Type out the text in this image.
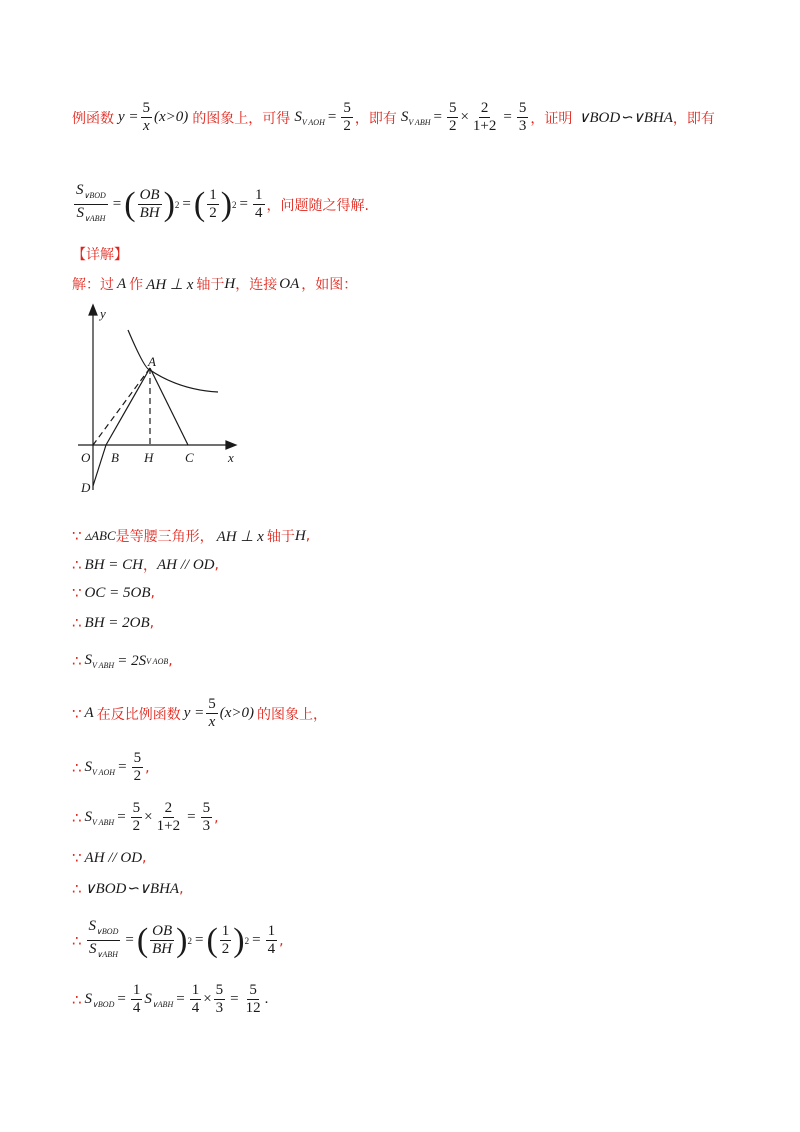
例函数 $y = \frac{5}{x} (x>0)$ 的图象上，可得 $S_{V AOH} = \frac{5}{2}$ ，即有 $S_{V ABH} = \frac{5}{2} \times \frac{2}{1+2} = \frac{5}{3}$ ，证明 ∨BOD∽∨BHA ，即有
$\frac{S_{\vee BOD}}{S_{\vee ABH}}$ = ( $\frac{OB}{BH}$ ) 2 = ( $\frac{1}{2}$ ) $2 = \frac{1}{4}$ ，问题随之得解.
【详解】
解：过 A 作 AH ⊥ x 轴于 H ，连接 OA ，如图：
y
x
A
O B H C
D
∵ ▵ABC 是等腰三角形， AH ⊥ x 轴于 H ,
∴ BH = CH ， AH // OD ,
∵ OC = 5OB ,
∴ BH = 2OB ,
∴ $S_{V ABH} = 2S$ V AOB ,
∵ A 在反比例函数 $y = \frac{5}{x} (x>0)$ 的图象上，
∴ $S_{V AOH} = \frac{5}{2}$ ,
∴ $S_{V ABH} = \frac{5}{2} \times \frac{2}{1+2} = \frac{5}{3}$ ,
∵ AH // OD ,
∴ ∨BOD∽∨BHA ,
∴ $\frac{S_{\vee BOD}}{S_{\vee ABH}}$ = ( $\frac{OB}{BH}$ ) 2 = ( $\frac{1}{2}$ ) $2 = \frac{1}{4}$ ,
∴ $S_{\vee BOD} = \frac{1}{4} S_{\vee ABH} = \frac{1}{4} \times \frac{5}{3} = \frac{5}{12}$ .
